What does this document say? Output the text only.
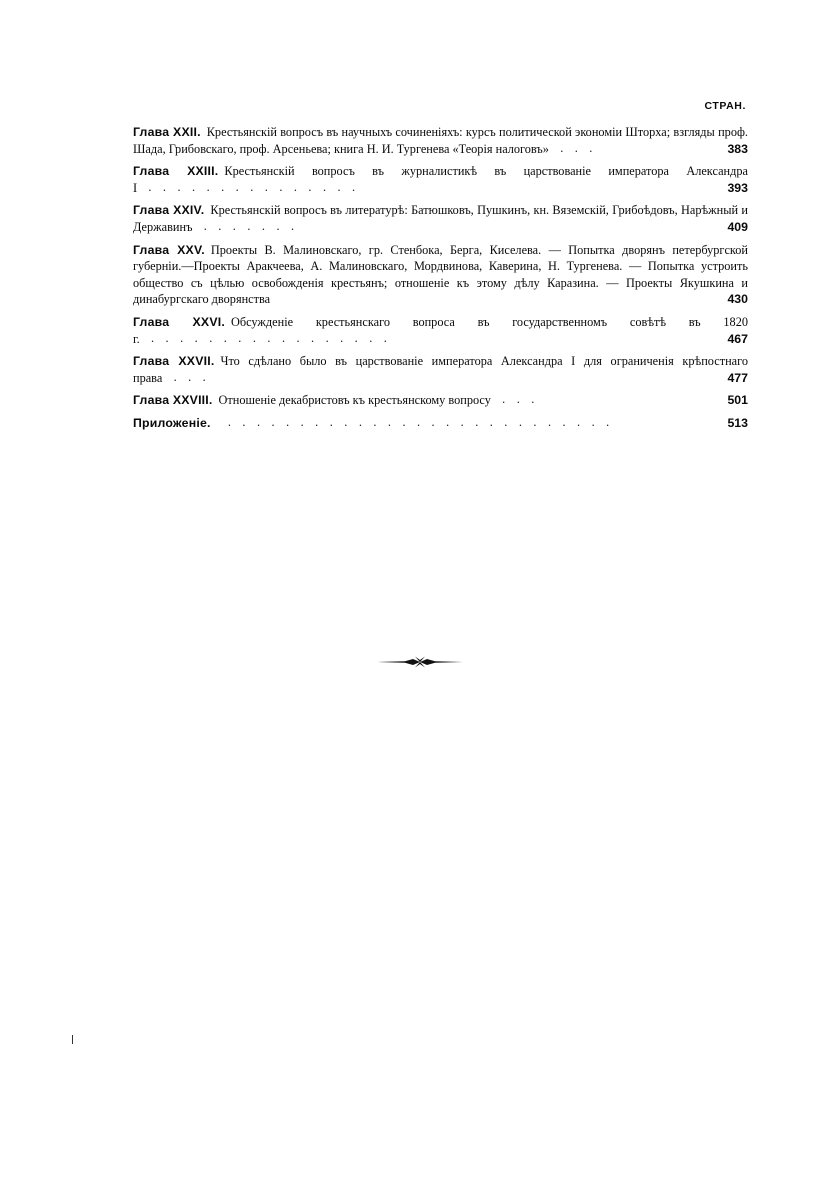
СТРАН.
Глава XXII. Крестьянскiй вопросъ въ научныхъ сочиненiяхъ: курсъ политической экономiи Шторха; взгляды проф. Шада, Грибовскаго, проф. Арсеньева; книга Н. И. Тургенева «Теорiя налоговъ» . . .	383
Глава XXIII. Крестьянскiй вопросъ въ журналистикѣ въ царствованiе императора Александра I . . . . . . . . . . . . . . .	393
Глава XXIV. Крестьянскiй вопросъ въ литературѣ: Батюшковъ, Пушкинъ, кн. Вяземскiй, Грибоѣдовъ, Нарѣжный и Державинъ . . . . . . .	409
Глава XXV. Проекты В. Малиновскаго, гр. Стенбока, Берга, Киселева. — Попытка дворянъ петербургской губернiи.—Проекты Аракчеева, А. Малиновскаго, Мордвинова, Каверина, Н. Тургенева. — Попытка устроить общество съ цѣлью освобожденiя крестьянъ; отношенiе къ этому дѣлу Каразина. — Проекты Якушкина и динабургскаго дворянства	430
Глава XXVI. Обсужденiе крестьянскаго вопроса въ государственномъ совѣтѣ въ 1820 г. . . . . . . . . . . . . . . . . .	467
Глава XXVII. Что сдѣлано было въ царствованiе императора Александра I для ограниченiя крѣпостнаго права . . .	477
Глава XXVIII. Отношенiе декабристовъ къ крестьянскому вопросу . . .	501
Приложенiе. . . . . . . . . . . . . . . . . . . . . . . . . . . .	513
